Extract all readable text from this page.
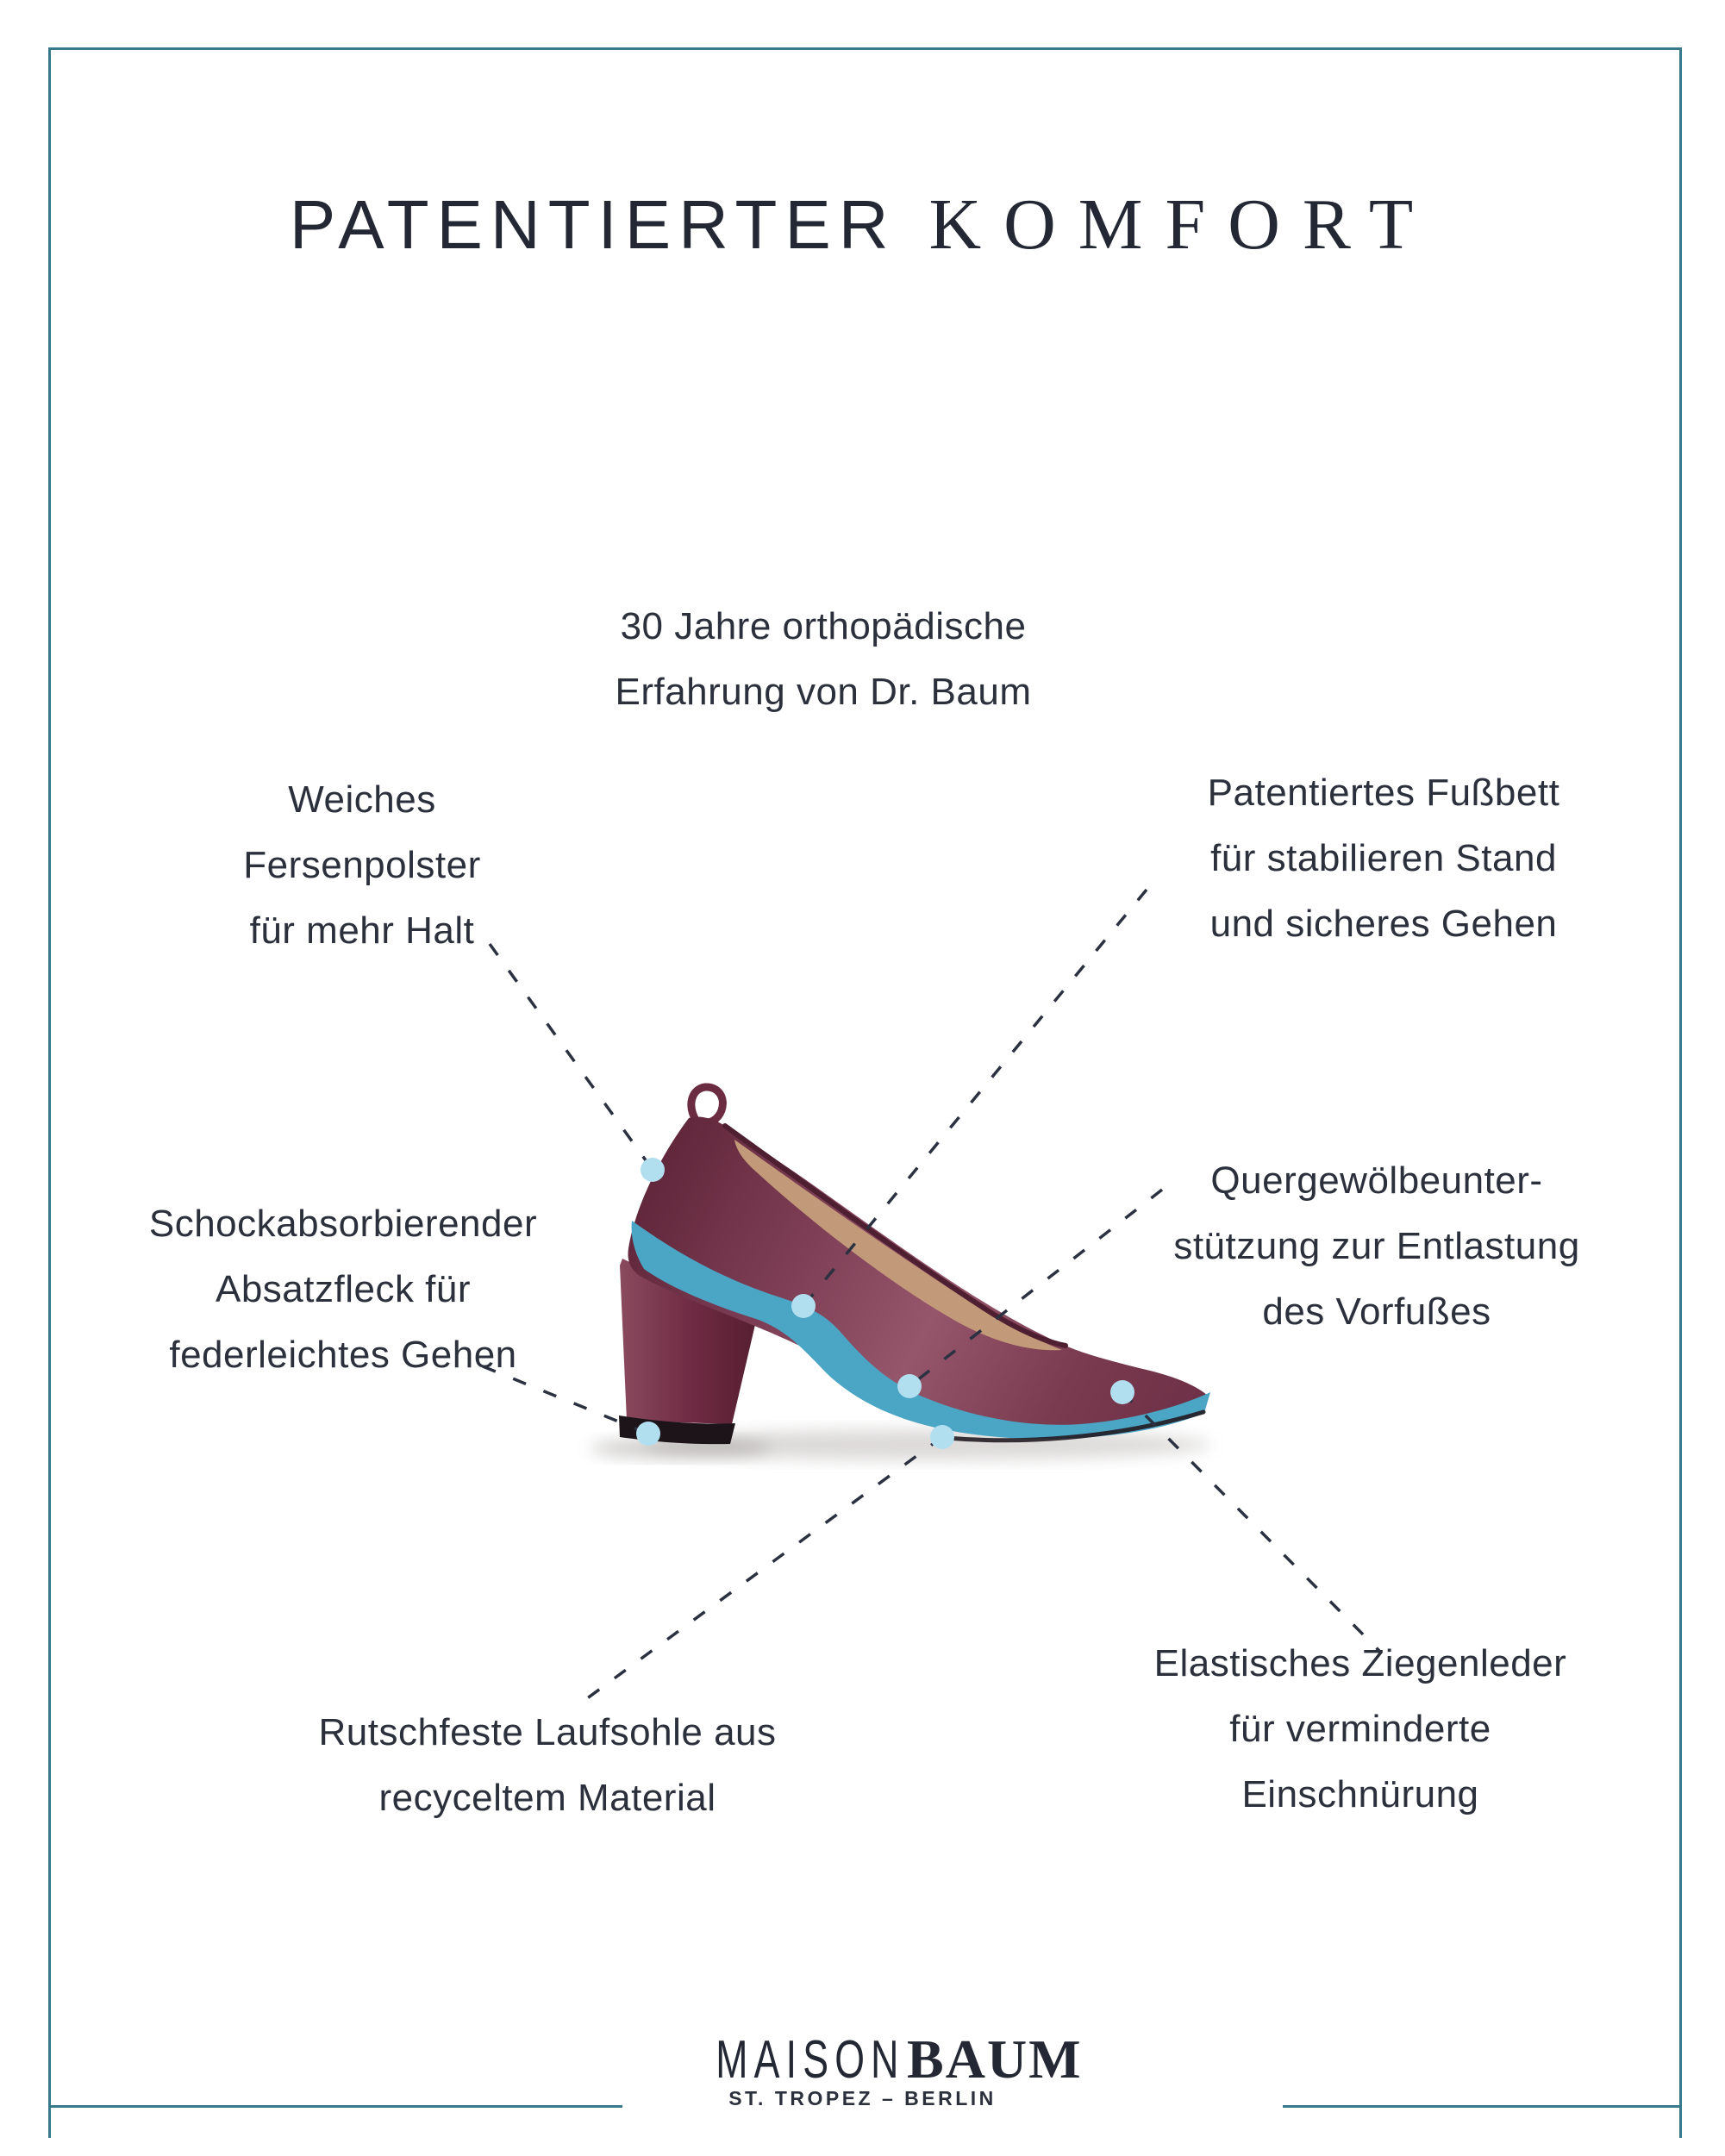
PATENTIERTER KOMFORT
30 Jahre orthopädische
Erfahrung von Dr. Baum
Weiches
Fersenpolster
für mehr Halt
Patentiertes Fußbett
für stabilieren Stand
und sicheres Gehen
Quergewölbeunter-
stützung zur Entlastung
des Vorfußes
Schockabsorbierender
Absatzfleck für
federleichtes Gehen
Rutschfeste Laufsohle aus
recyceltem Material
Elastisches Ziegenleder
für verminderte
Einschnürung
MAISONBAUM
ST. TROPEZ – BERLIN
